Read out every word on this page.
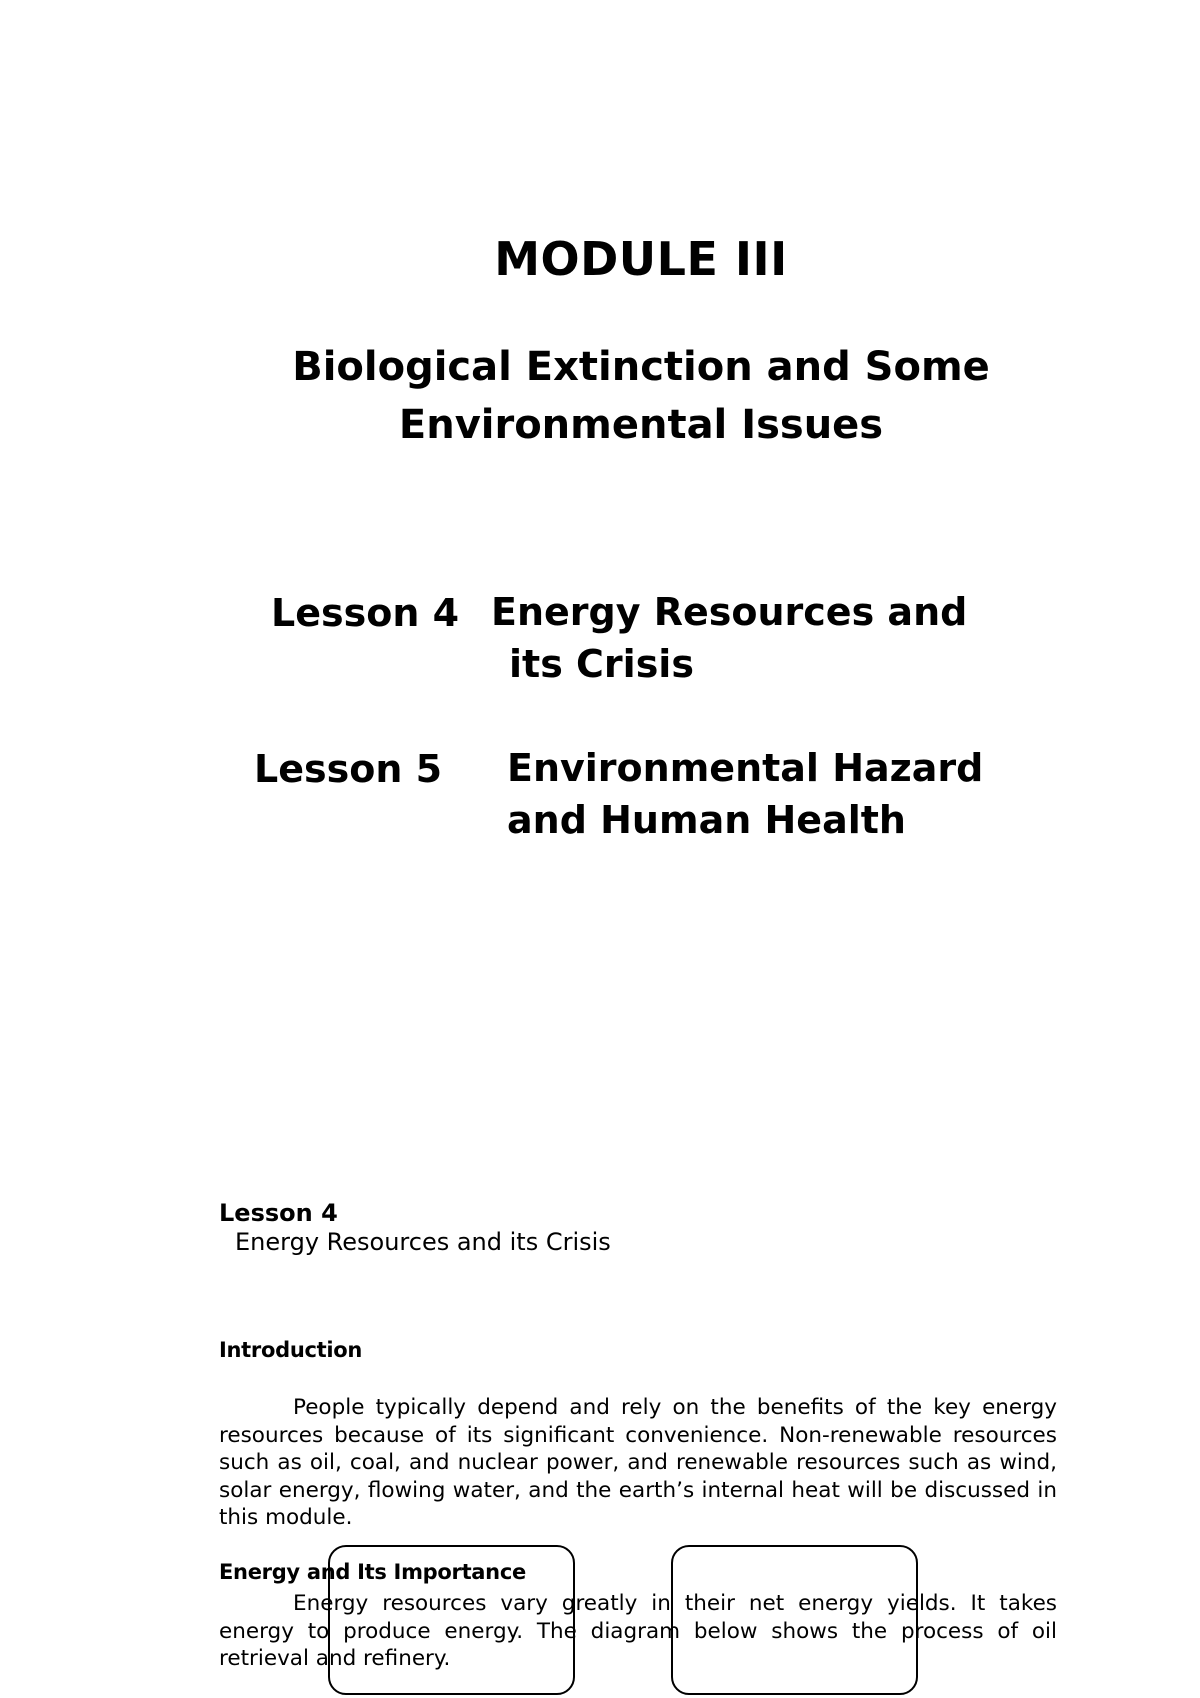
MODULE III
Biological Extinction and Some
Environmental Issues
Lesson 4 Energy Resources and
its Crisis
Lesson 5 Environmental Hazard
and Human Health
Lesson 4
Energy Resources and its Crisis
Introduction
People typically depend and rely on the benefits of the key energy resources because of its significant convenience. Non-renewable resources such as oil, coal, and nuclear power, and renewable resources such as wind, solar energy, flowing water, and the earth’s internal heat will be discussed in this module.
Energy and Its Importance
Energy resources vary greatly in their net energy yields. It takes energy to produce energy. The diagram below shows the process of oil retrieval and refinery.
